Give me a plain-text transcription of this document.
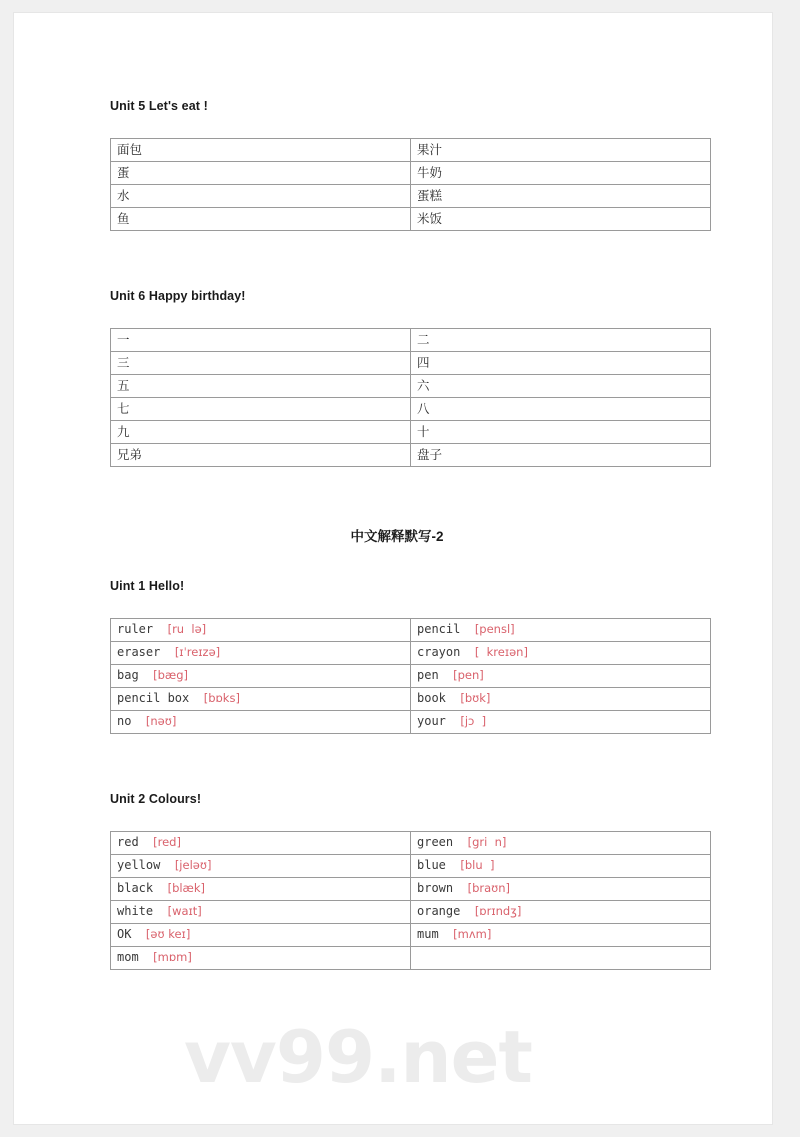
Unit 5 Let's eat !

面包	果汁
蛋	牛奶
水	蛋糕
鱼	米饭

Unit 6 Happy birthday!

一	二
三	四
五	六
七	八
九	十
兄弟	盘子

中文解释默写-2

Uint 1 Hello!

ruler [ru  lə]	pencil [pensl]
eraser [ɪˈreɪzə]	crayon [  kreɪən]
bag [bæg]	pen [pen]
pencil box [bɒks]	book [bʊk]
no [nəʊ]	your [jɔ  ]

Unit 2 Colours!

red [red]	green [gri  n]
yellow [jeləʊ]	blue [blu  ]
black [blæk]	brown [braʊn]
white [waɪt]	orange [ɒrɪndʒ]
OK [əʊ keɪ]	mum [mʌm]
mom [mɒm]	
vv99.net
